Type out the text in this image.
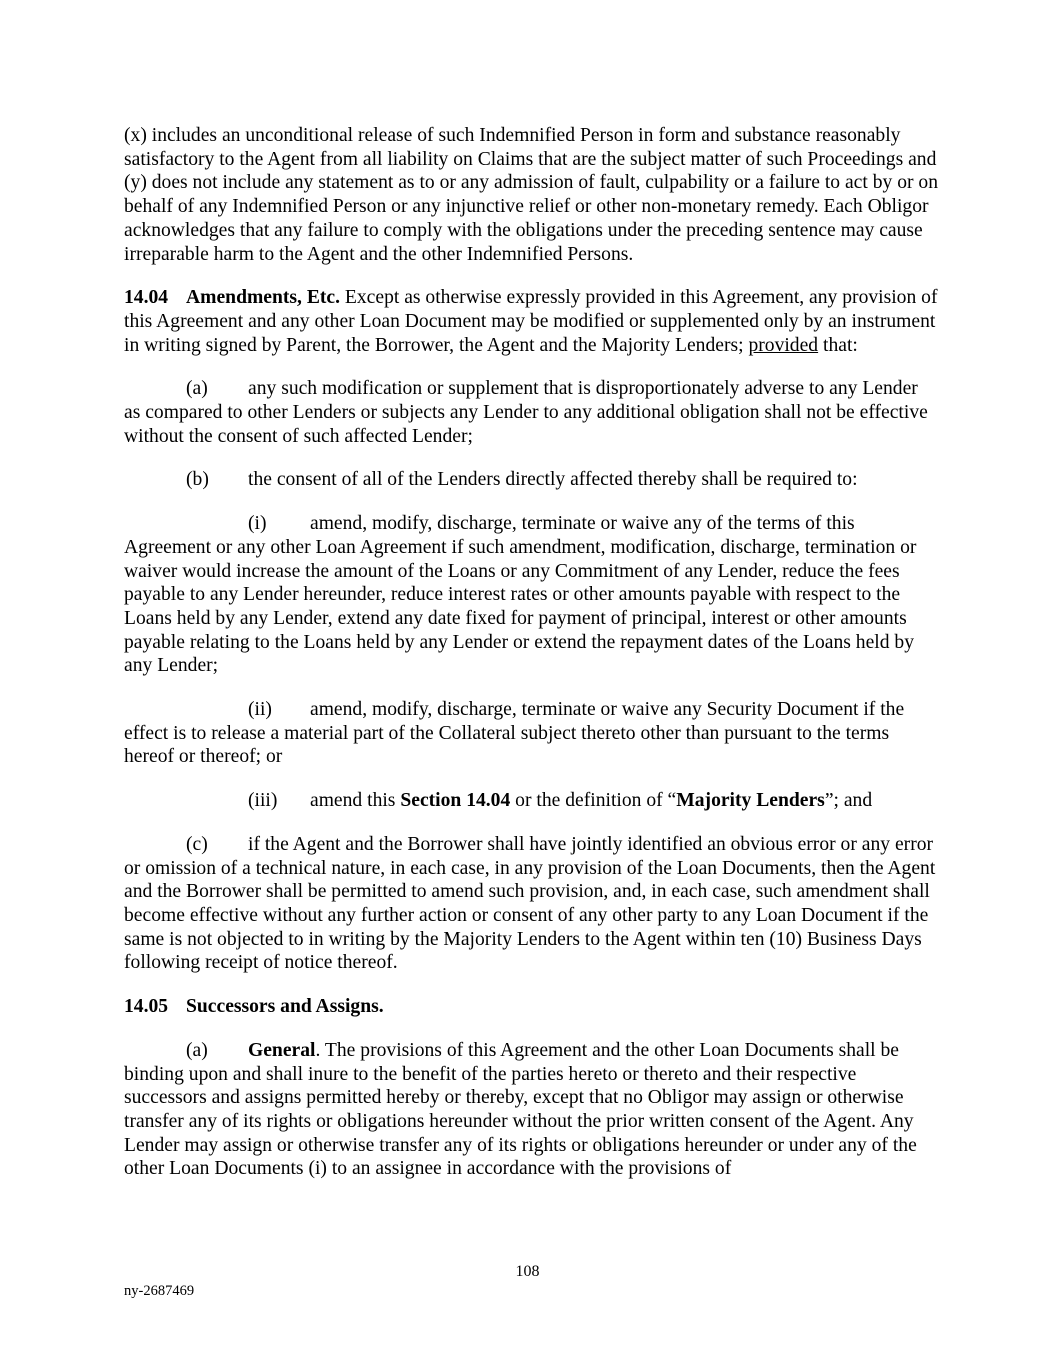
(x) includes an unconditional release of such Indemnified Person in form and substance reasonably satisfactory to the Agent from all liability on Claims that are the subject matter of such Proceedings and (y) does not include any statement as to or any admission of fault, culpability or a failure to act by or on behalf of any Indemnified Person or any injunctive relief or other non-monetary remedy. Each Obligor acknowledges that any failure to comply with the obligations under the preceding sentence may cause irreparable harm to the Agent and the other Indemnified Persons.

14.04 Amendments, Etc. Except as otherwise expressly provided in this Agreement, any provision of this Agreement and any other Loan Document may be modified or supplemented only by an instrument in writing signed by Parent, the Borrower, the Agent and the Majority Lenders; provided that:

(a) any such modification or supplement that is disproportionately adverse to any Lender as compared to other Lenders or subjects any Lender to any additional obligation shall not be effective without the consent of such affected Lender;

(b) the consent of all of the Lenders directly affected thereby shall be required to:

(i) amend, modify, discharge, terminate or waive any of the terms of this Agreement or any other Loan Agreement if such amendment, modification, discharge, termination or waiver would increase the amount of the Loans or any Commitment of any Lender, reduce the fees payable to any Lender hereunder, reduce interest rates or other amounts payable with respect to the Loans held by any Lender, extend any date fixed for payment of principal, interest or other amounts payable relating to the Loans held by any Lender or extend the repayment dates of the Loans held by any Lender;

(ii) amend, modify, discharge, terminate or waive any Security Document if the effect is to release a material part of the Collateral subject thereto other than pursuant to the terms hereof or thereof; or

(iii) amend this Section 14.04 or the definition of “Majority Lenders”; and

(c) if the Agent and the Borrower shall have jointly identified an obvious error or any error or omission of a technical nature, in each case, in any provision of the Loan Documents, then the Agent and the Borrower shall be permitted to amend such provision, and, in each case, such amendment shall become effective without any further action or consent of any other party to any Loan Document if the same is not objected to in writing by the Majority Lenders to the Agent within ten (10) Business Days following receipt of notice thereof.

14.05 Successors and Assigns.

(a) General. The provisions of this Agreement and the other Loan Documents shall be binding upon and shall inure to the benefit of the parties hereto or thereto and their respective successors and assigns permitted hereby or thereby, except that no Obligor may assign or otherwise transfer any of its rights or obligations hereunder without the prior written consent of the Agent. Any Lender may assign or otherwise transfer any of its rights or obligations hereunder or under any of the other Loan Documents (i) to an assignee in accordance with the provisions of

108
ny-2687469
